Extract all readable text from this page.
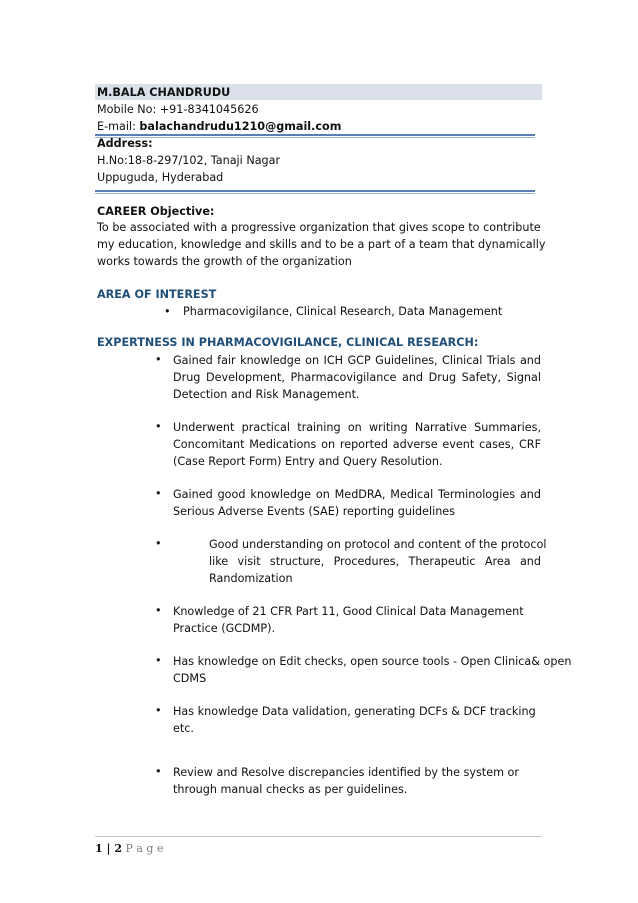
M.BALA CHANDRUDU
Mobile No: +91-8341045626
E-mail: balachandrudu1210@gmail.com
Address:
H.No:18-8-297/102, Tanaji Nagar
Uppuguda, Hyderabad
CAREER Objective:
To be associated with a progressive organization that gives scope to contribute
my education, knowledge and skills and to be a part of a team that dynamically
works towards the growth of the organization
AREA OF INTEREST
• Pharmacovigilance, Clinical Research, Data Management
EXPERTNESS IN PHARMACOVIGILANCE, CLINICAL RESEARCH:
• Gained fair knowledge on ICH GCP Guidelines, Clinical Trials and
Drug Development, Pharmacovigilance and Drug Safety, Signal
Detection and Risk Management.
• Underwent practical training on writing Narrative Summaries,
Concomitant Medications on reported adverse event cases, CRF
(Case Report Form) Entry and Query Resolution.
• Gained good knowledge on MedDRA, Medical Terminologies and
Serious Adverse Events (SAE) reporting guidelines
•	Good understanding on protocol and content of the protocol
like visit structure, Procedures, Therapeutic Area and
Randomization
• Knowledge of 21 CFR Part 11, Good Clinical Data Management
Practice (GCDMP).
• Has knowledge on Edit checks, open source tools - Open Clinica& open
CDMS
• Has knowledge Data validation, generating DCFs & DCF tracking
etc.
• Review and Resolve discrepancies identified by the system or
through manual checks as per guidelines.
1 | 2 P a g e
